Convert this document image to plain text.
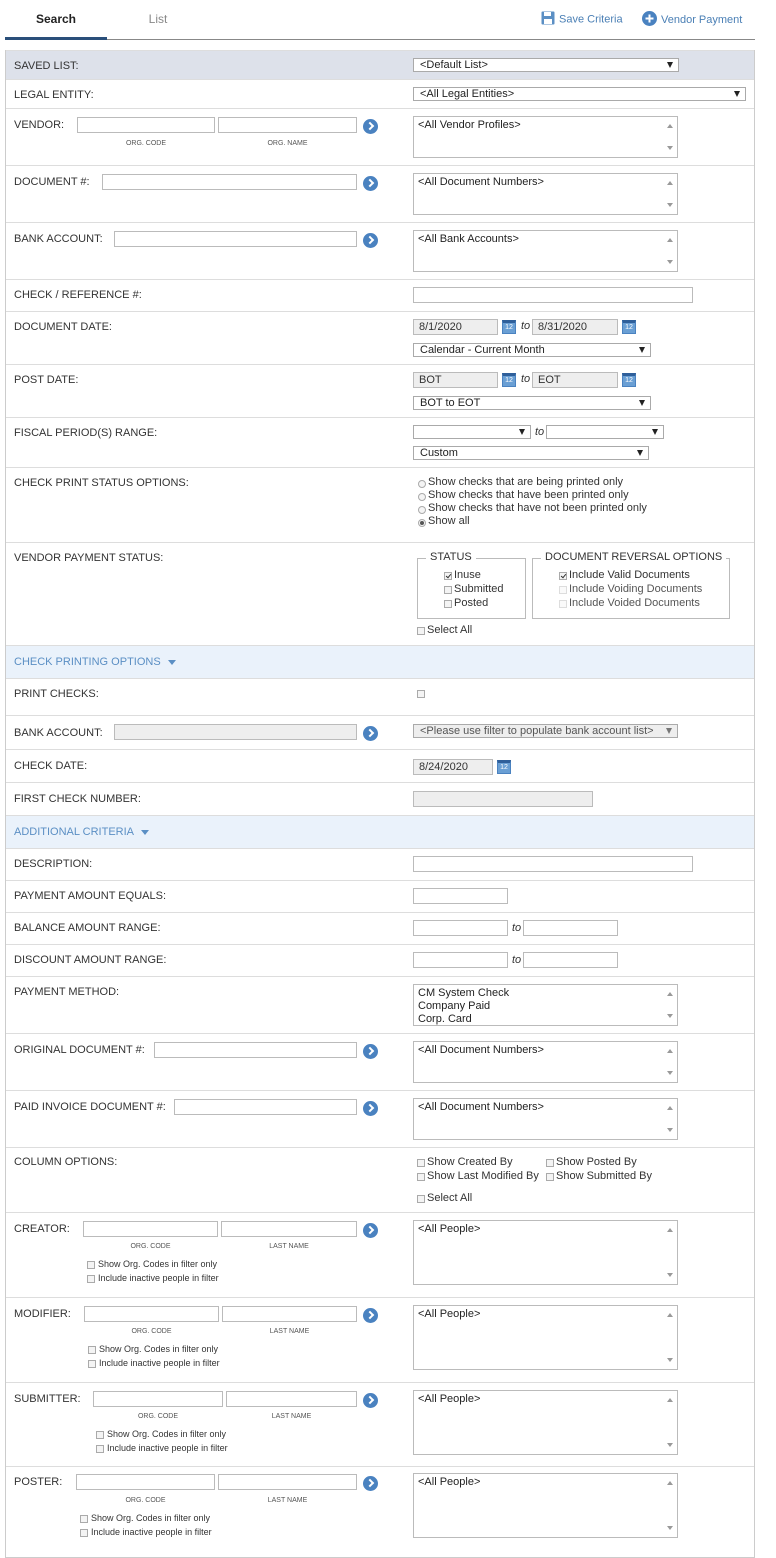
Search	List	Save Criteria	Vendor Payment
SAVED LIST:	<Default List>
LEGAL ENTITY:	<All Legal Entities>
VENDOR:
ORG. CODE	ORG. NAME
<All Vendor Profiles>
DOCUMENT #:	<All Document Numbers>
BANK ACCOUNT:	<All Bank Accounts>
CHECK / REFERENCE #:
DOCUMENT DATE:	8/1/2020	12 to 8/31/2020	12
Calendar - Current Month
POST DATE:	BOT	12 to EOT	12
BOT to EOT
FISCAL PERIOD(S) RANGE:	to
Custom
CHECK PRINT STATUS OPTIONS:	Show checks that are being printed only
Show checks that have been printed only
Show checks that have not been printed only
Show all
VENDOR PAYMENT STATUS:	STATUS
Inuse
Submitted
Posted
DOCUMENT REVERSAL OPTIONS
Include Valid Documents
Include Voiding Documents
Include Voided Documents
Select All
CHECK PRINTING OPTIONS
PRINT CHECKS:
BANK ACCOUNT:	<Please use filter to populate bank account list>
CHECK DATE:	8/24/2020	12
FIRST CHECK NUMBER:
ADDITIONAL CRITERIA
DESCRIPTION:
PAYMENT AMOUNT EQUALS:
BALANCE AMOUNT RANGE:	to
DISCOUNT AMOUNT RANGE:	to
PAYMENT METHOD:	CM System Check
Company Paid
Corp. Card
ORIGINAL DOCUMENT #:	<All Document Numbers>
PAID INVOICE DOCUMENT #:	<All Document Numbers>
COLUMN OPTIONS:	Show Created By	Show Posted By
Show Last Modified By Show Submitted By
Select All
CREATOR:
ORG. CODE	LAST NAME
Show Org. Codes in filter only
Include inactive people in filter
<All People>
MODIFIER:
ORG. CODE	LAST NAME
Show Org. Codes in filter only
Include inactive people in filter
<All People>
SUBMITTER:
ORG. CODE	LAST NAME
Show Org. Codes in filter only
Include inactive people in filter
<All People>
POSTER:
ORG. CODE	LAST NAME
Show Org. Codes in filter only
Include inactive people in filter
<All People>
